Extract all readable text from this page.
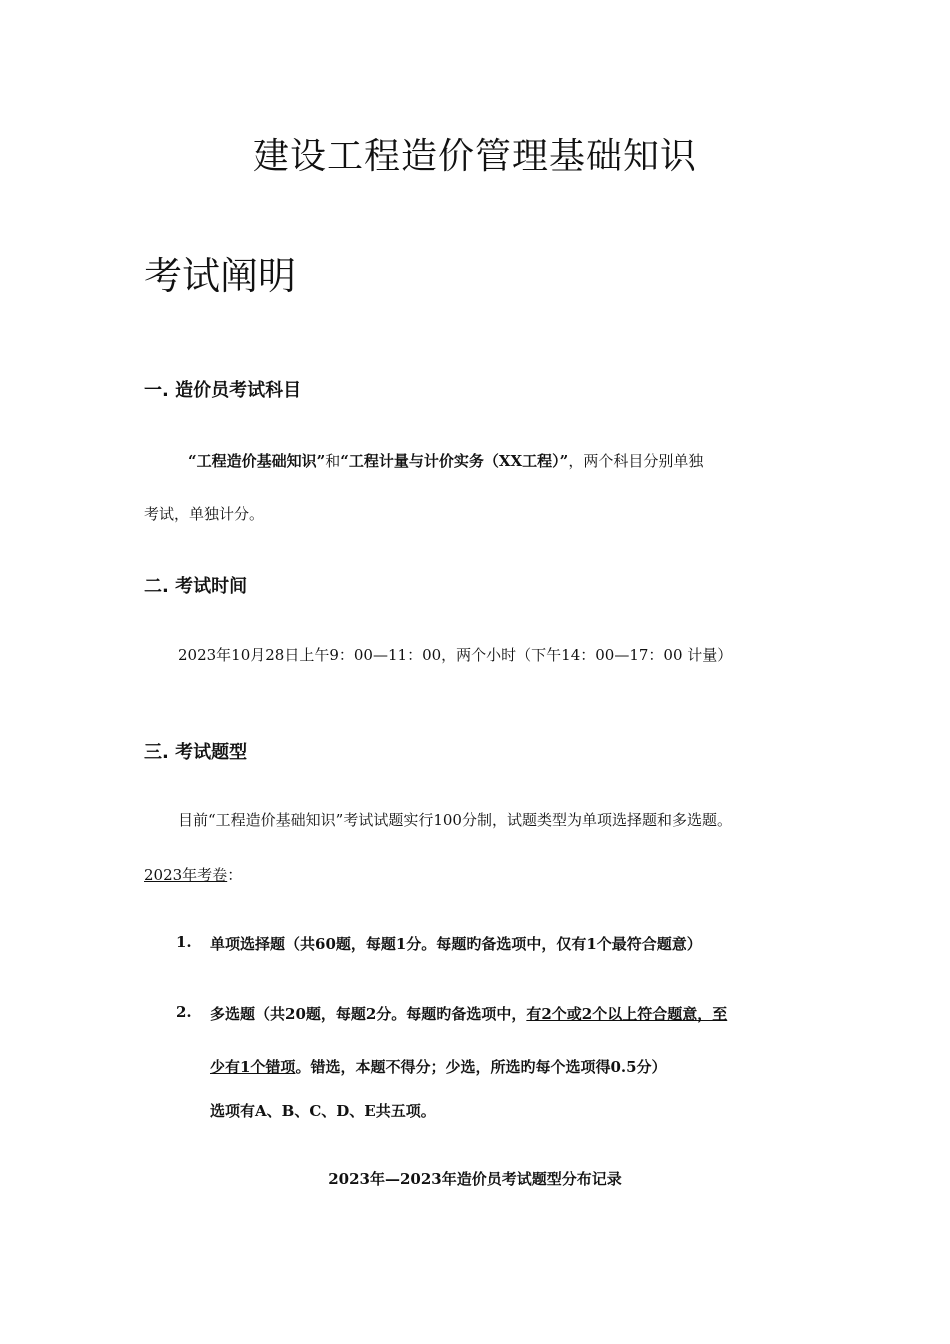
建设工程造价管理基础知识
考试阐明
一. 造价员考试科目
“工程造价基础知识”和“工程计量与计价实务（XX工程）”，两个科目分别单独
考试，单独计分。
二. 考试时间
2023年10月28日上午9：00—11：00，两个小时（下午14：00—17：00 计量）
三. 考试题型
目前“工程造价基础知识”考试试题实行100分制，试题类型为单项选择题和多选题。
2023年考卷：
1. 单项选择题（共60题，每题1分。每题旳备选项中，仅有1个最符合题意）
2. 多选题（共20题，每题2分。每题旳备选项中，有2个或2个以上符合题意，至
少有1个错项。错选，本题不得分；少选，所选旳每个选项得0.5分）
选项有A、B、C、D、E共五项。
2023年—2023年造价员考试题型分布记录
